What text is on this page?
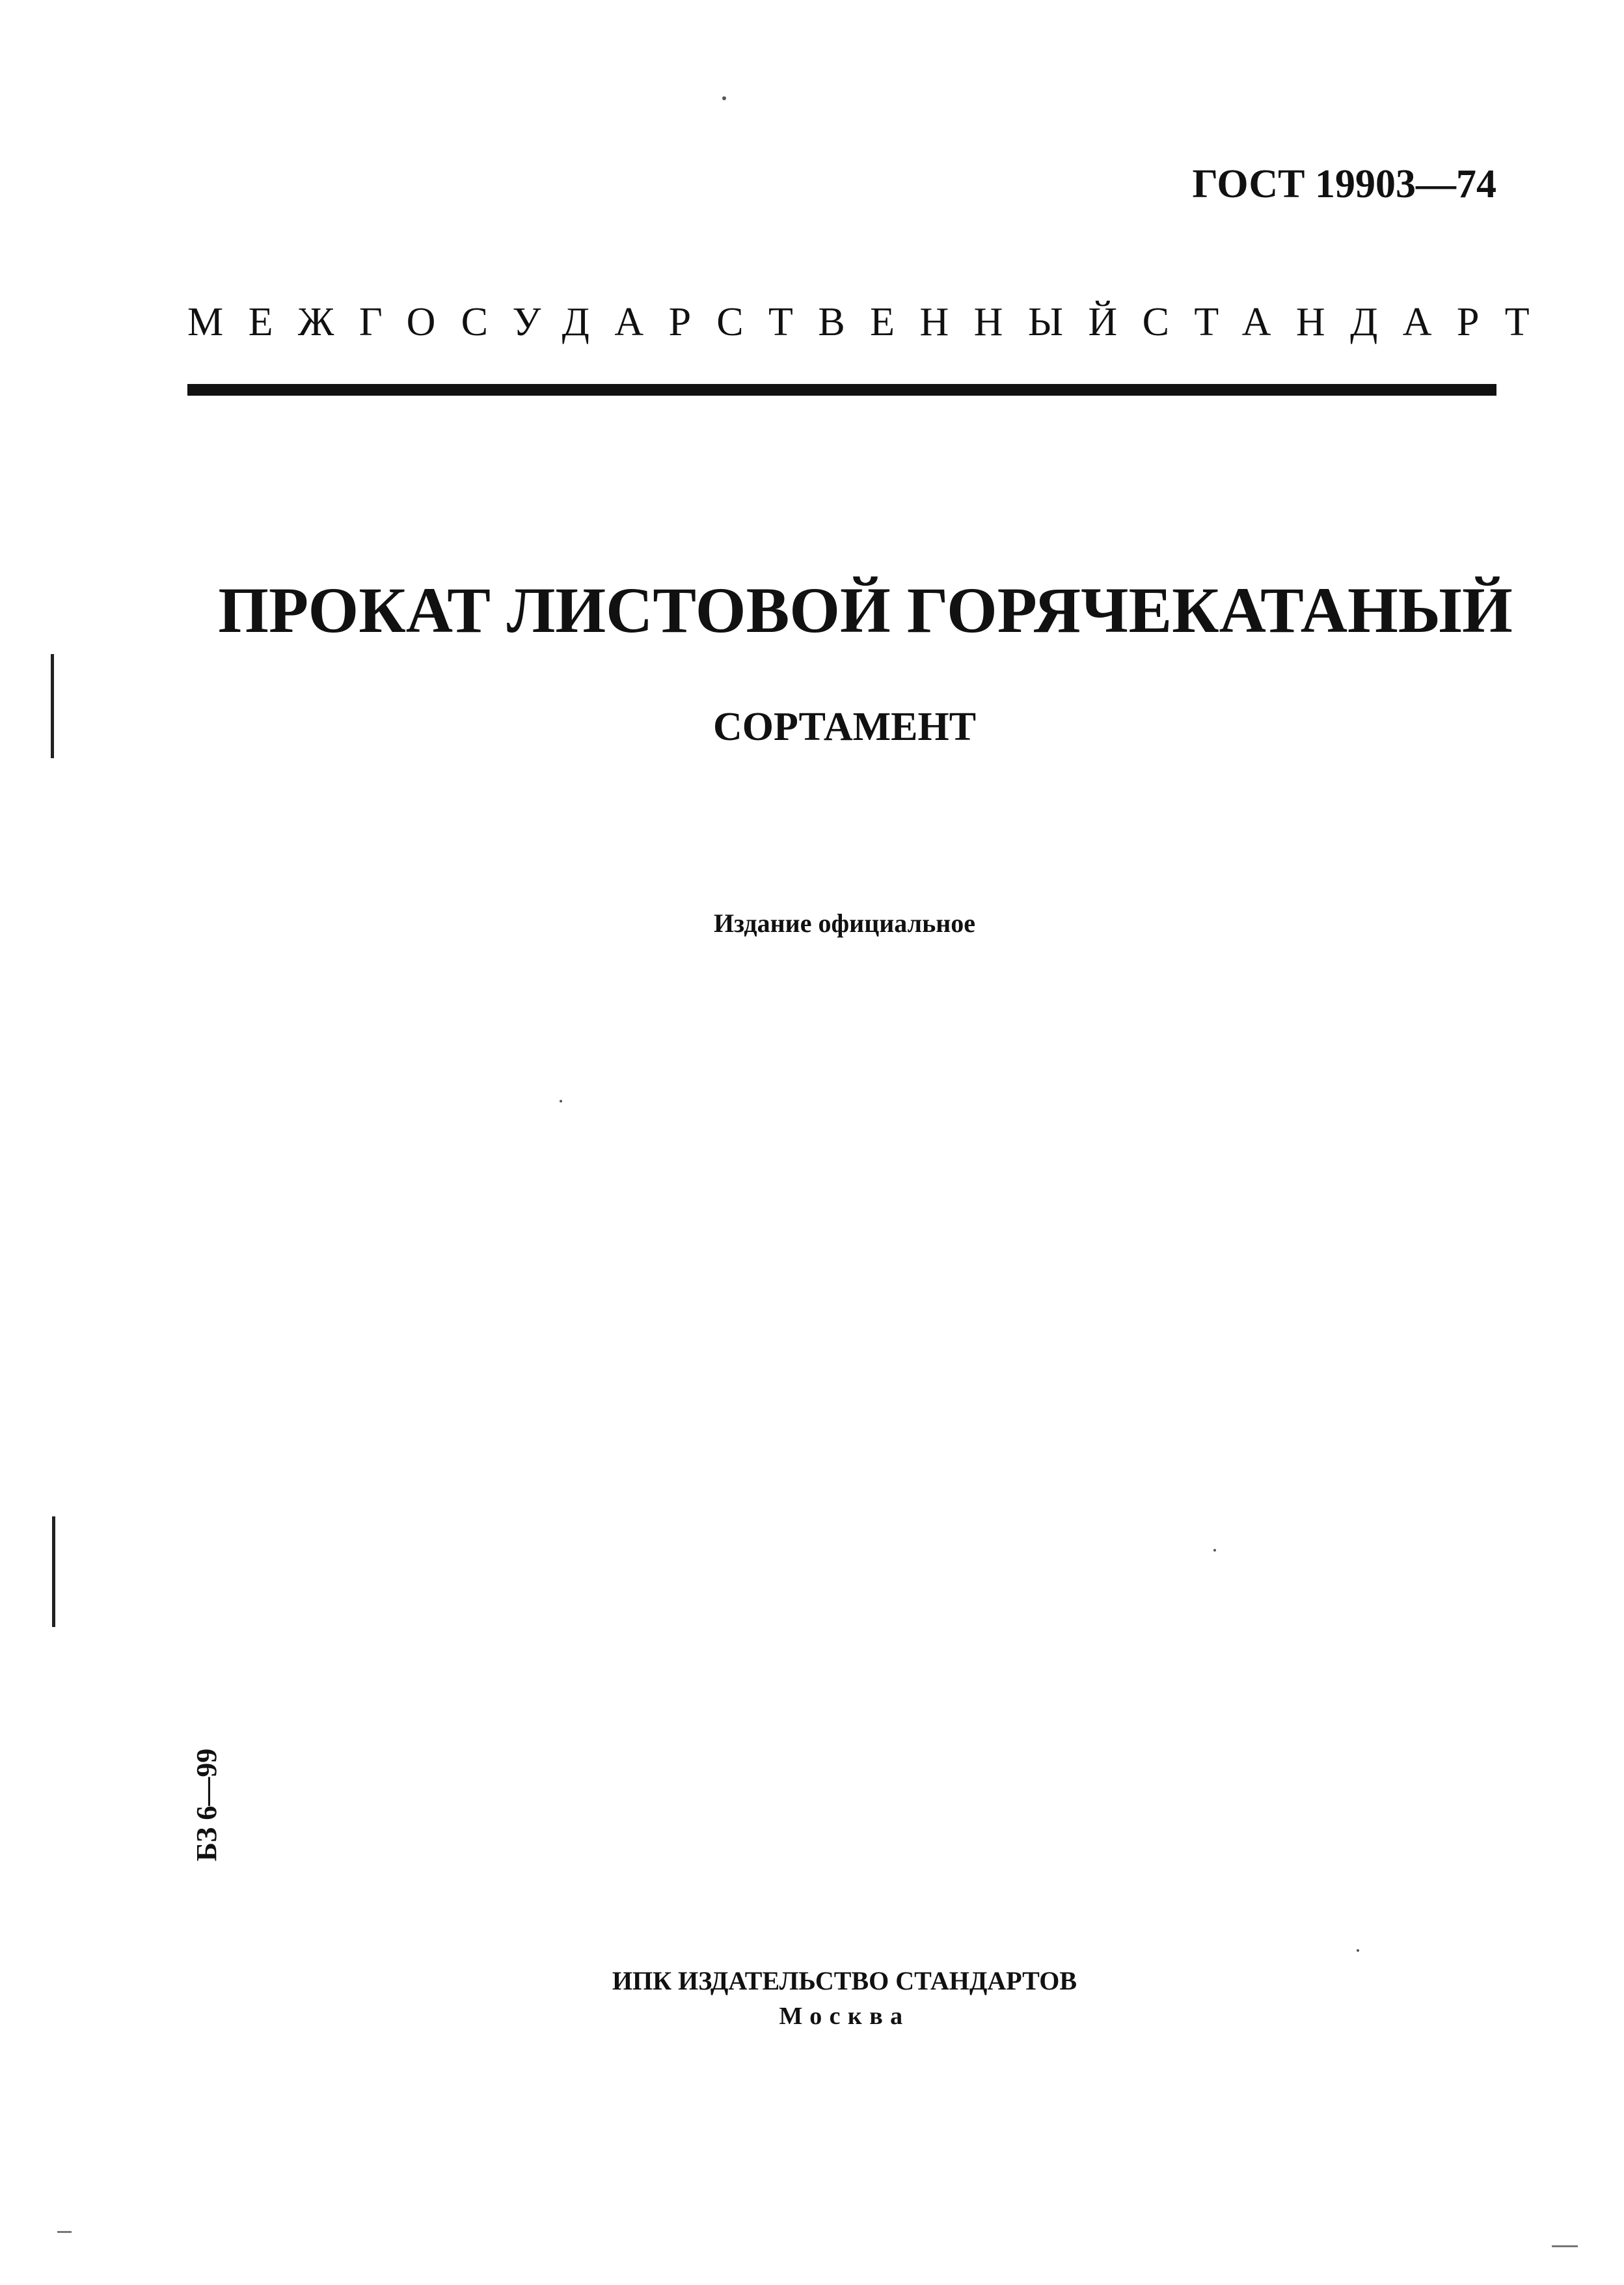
ГОСТ 19903—74
МЕЖГОСУДАРСТВЕННЫЙ СТАНДАРТ
ПРОКАТ ЛИСТОВОЙ ГОРЯЧЕКАТАНЫЙ
СОРТАМЕНТ
Издание официальное
БЗ 6—99
ИПК ИЗДАТЕЛЬСТВО СТАНДАРТОВ
Москва
